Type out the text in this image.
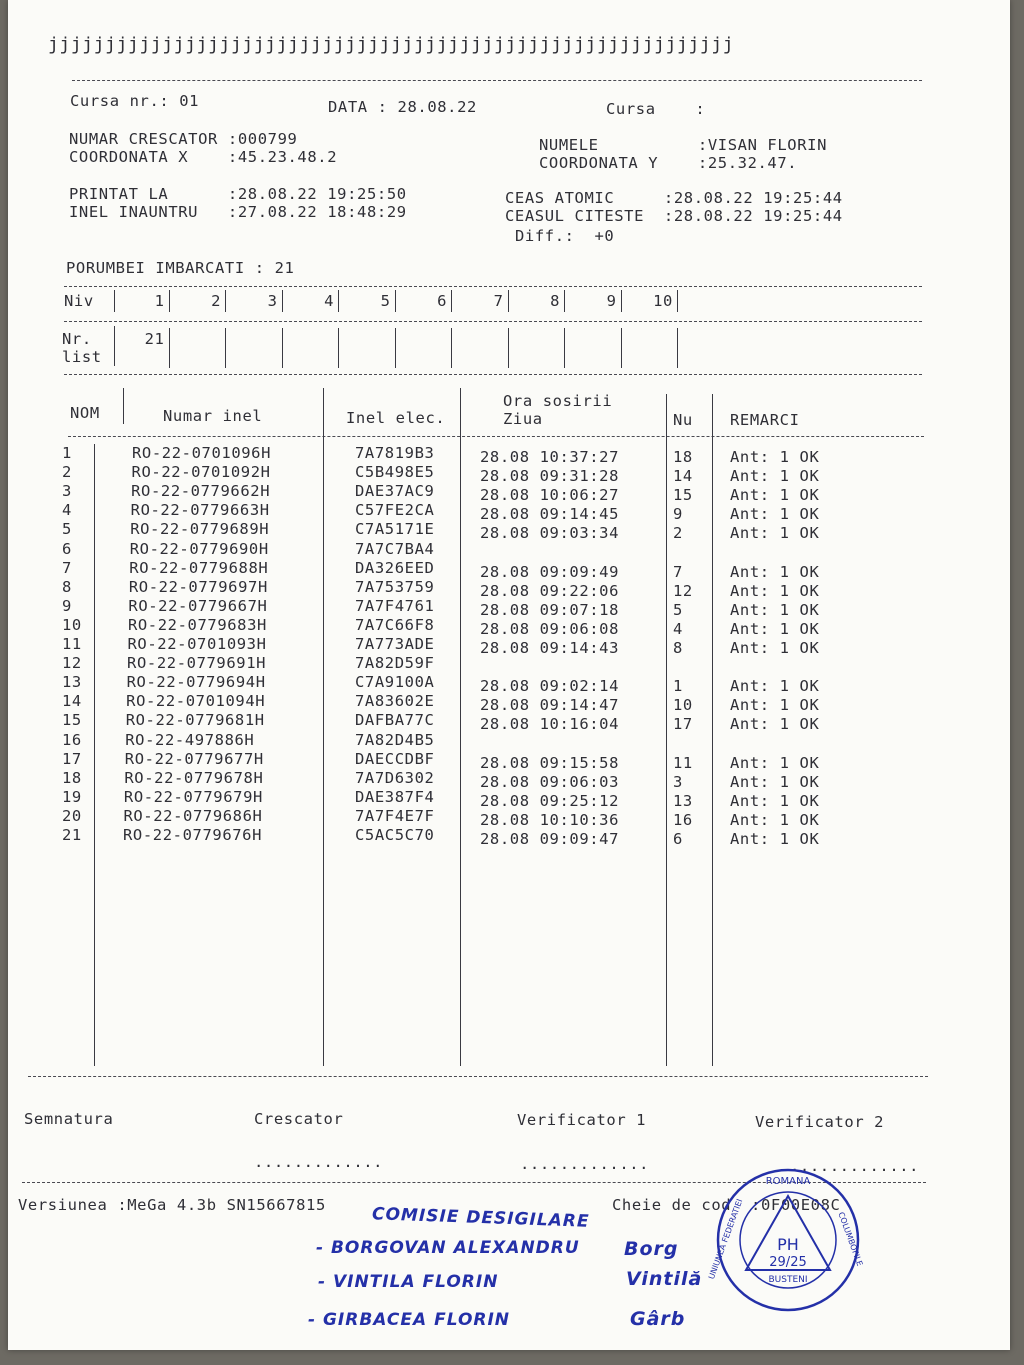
jjjjjjjjjjjjjjjjjjjjjjjjjjjjjjjjjjjjjjjjjjjjjjjjjjjjjjjjjjjj
Cursa nr.: 01	DATA : 28.08.22	Cursa    :
NUMAR CRESCATOR :000799
COORDONATA X    :45.23.48.2
NUMELE          :VISAN FLORIN
COORDONATA Y    :25.32.47.
PRINTAT LA      :28.08.22 19:25:50
INEL INAUNTRU   :27.08.22 18:48:29
CEAS ATOMIC     :28.08.22 19:25:44
CEASUL CITESTE  :28.08.22 19:25:44
Diff.:  +0
PORUMBEI IMBARCATI : 21
Niv	1	2	3	4	5	6	7	8	9	10
Nr.
list
21
NOM	Numar inel	Inel elec.
Ora sosirii
Ziua	Nu REMARCI
1	RO-22-0701096H	7A7819B3	28.08 10:37:27	18 Ant: 1 OK
2	RO-22-0701092H	C5B498E5	28.08 09:31:28	14 Ant: 1 OK
3	RO-22-0779662H	DAE37AC9	28.08 10:06:27	15 Ant: 1 OK
4	RO-22-0779663H	C57FE2CA	28.08 09:14:45	9	Ant: 1 OK
5	RO-22-0779689H	C7A5171E	28.08 09:03:34	2	Ant: 1 OK
6	RO-22-0779690H	7A7C7BA4
7	RO-22-0779688H	DA326EED	28.08 09:09:49	7	Ant: 1 OK
8	RO-22-0779697H	7A753759	28.08 09:22:06	12 Ant: 1 OK
9	RO-22-0779667H	7A7F4761	28.08 09:07:18	5	Ant: 1 OK
10	RO-22-0779683H	7A7C66F8	28.08 09:06:08	4	Ant: 1 OK
11	RO-22-0701093H	7A773ADE	28.08 09:14:43	8	Ant: 1 OK
12	RO-22-0779691H	7A82D59F
13	RO-22-0779694H	C7A9100A	28.08 09:02:14	1	Ant: 1 OK
14	RO-22-0701094H	7A83602E	28.08 09:14:47	10 Ant: 1 OK
15	RO-22-0779681H	DAFBA77C	28.08 10:16:04	17 Ant: 1 OK
16	RO-22-497886H	7A82D4B5
17	RO-22-0779677H	DAECCDBF	28.08 09:15:58	11 Ant: 1 OK
18	RO-22-0779678H	7A7D6302	28.08 09:06:03	3	Ant: 1 OK
19	RO-22-0779679H	DAE387F4	28.08 09:25:12	13 Ant: 1 OK
20	RO-22-0779686H	7A7F4E7F	28.08 10:10:36	16 Ant: 1 OK
21	RO-22-0779676H	C5AC5C70	28.08 09:09:47	6	Ant: 1 OK
Semnatura	Crescator	Verificator 1	Verificator 2
.............	.............	.............
Versiunea :MeGa 4.3b SN15667815	Cheie de cod  :0F00E08C
COMISIE DESIGILARE
- BORGOVAN ALEXANDRU
- VINTILA FLORIN
- GIRBACEA FLORIN
Borg
Vintilă
Gârb
PH
29/25
BUSTENI
ROMANA
UNIUNEA FEDERATIEI	COLUMBOFILE
